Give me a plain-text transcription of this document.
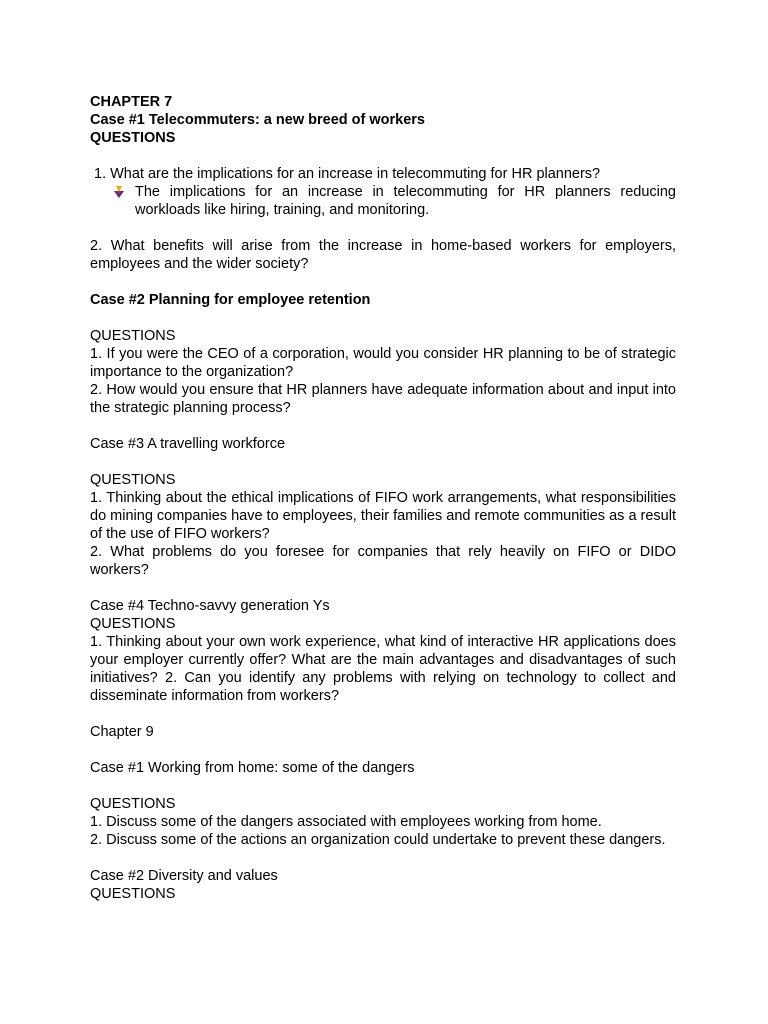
CHAPTER 7
Case #1 Telecommuters: a new breed of workers
QUESTIONS
1. What are the implications for an increase in telecommuting for HR planners?
The implications for an increase in telecommuting for HR planners reducing workloads like hiring, training, and monitoring.
2. What benefits will arise from the increase in home-based workers for employers, employees and the wider society?
Case #2 Planning for employee retention
QUESTIONS
1. If you were the CEO of a corporation, would you consider HR planning to be of strategic importance to the organization?
2. How would you ensure that HR planners have adequate information about and input into the strategic planning process?
Case #3 A travelling workforce
QUESTIONS
1. Thinking about the ethical implications of FIFO work arrangements, what responsibilities do mining companies have to employees, their families and remote communities as a result of the use of FIFO workers?
2. What problems do you foresee for companies that rely heavily on FIFO or DIDO workers?
Case #4 Techno-savvy generation Ys
QUESTIONS
1. Thinking about your own work experience, what kind of interactive HR applications does your employer currently offer? What are the main advantages and disadvantages of such initiatives? 2. Can you identify any problems with relying on technology to collect and disseminate information from workers?
Chapter 9
Case #1 Working from home: some of the dangers
QUESTIONS
1. Discuss some of the dangers associated with employees working from home.
2. Discuss some of the actions an organization could undertake to prevent these dangers.
Case #2 Diversity and values
QUESTIONS
